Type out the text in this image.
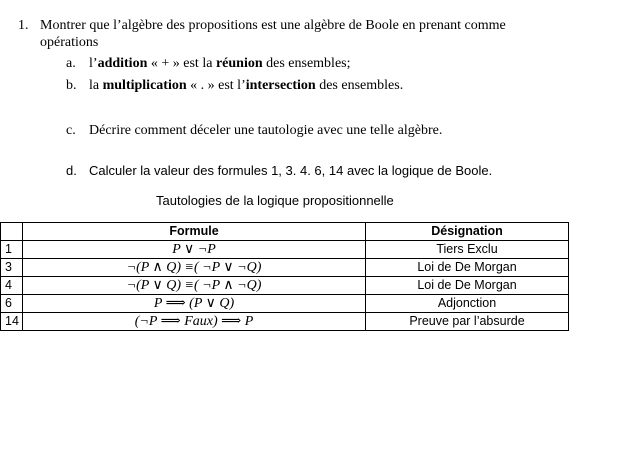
1. Montrer que l’algèbre des propositions est une algèbre de Boole en prenant comme
opérations
a. l’addition « + » est la réunion des ensembles;
b. la multiplication « . » est l’intersection des ensembles.
c. Décrire comment déceler une tautologie avec une telle algèbre.
d. Calculer la valeur des formules 1, 3. 4. 6, 14 avec la logique de Boole.
Tautologies de la logique propositionnelle
	Formule	Désignation
1	P ∨ ¬P	Tiers Exclu
3	¬(P ∧ Q) ≡( ¬P ∨ ¬Q)	Loi de De Morgan
4	¬(P ∨ Q) ≡( ¬P ∧ ¬Q)	Loi de De Morgan
6	P ⟹ (P ∨ Q)	Adjonction
14	(¬P ⟹ Faux) ⟹ P	Preuve par l’absurde
